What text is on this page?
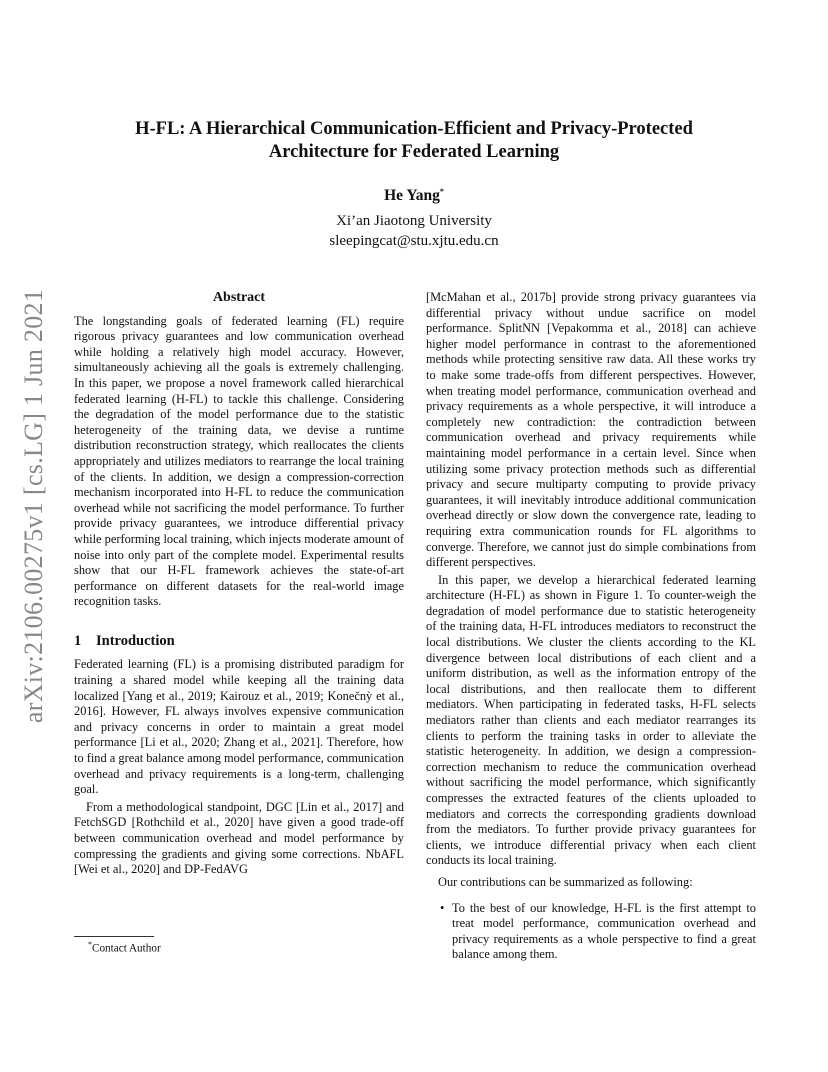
arXiv:2106.00275v1 [cs.LG] 1 Jun 2021
H-FL: A Hierarchical Communication-Efficient and Privacy-Protected
Architecture for Federated Learning
He Yang*
Xi’an Jiaotong University
sleepingcat@stu.xjtu.edu.cn
Abstract

The longstanding goals of federated learning (FL) require rigorous privacy guarantees and low communication overhead while holding a relatively high model accuracy. However, simultaneously achieving all the goals is extremely challenging. In this paper, we propose a novel framework called hierarchical federated learning (H-FL) to tackle this challenge. Considering the degradation of the model performance due to the statistic heterogeneity of the training data, we devise a runtime distribution reconstruction strategy, which reallocates the clients appropriately and utilizes mediators to rearrange the local training of the clients. In addition, we design a compression-correction mechanism incorporated into H-FL to reduce the communication overhead while not sacrificing the model performance. To further provide privacy guarantees, we introduce differential privacy while performing local training, which injects moderate amount of noise into only part of the complete model. Experimental results show that our H-FL framework achieves the state-of-art performance on different datasets for the real-world image recognition tasks.

1 Introduction

Federated learning (FL) is a promising distributed paradigm for training a shared model while keeping all the training data localized [Yang et al., 2019; Kairouz et al., 2019; Konečnỳ et al., 2016]. However, FL always involves expensive communication and privacy concerns in order to maintain a great model performance [Li et al., 2020; Zhang et al., 2021]. Therefore, how to find a great balance among model performance, communication overhead and privacy requirements is a long-term, challenging goal.

From a methodological standpoint, DGC [Lin et al., 2017] and FetchSGD [Rothchild et al., 2020] have given a good trade-off between communication overhead and model performance by compressing the gradients and giving some corrections. NbAFL [Wei et al., 2020] and DP-FedAVG

[McMahan et al., 2017b] provide strong privacy guarantees via differential privacy without undue sacrifice on model performance. SplitNN [Vepakomma et al., 2018] can achieve higher model performance in contrast to the aforementioned methods while protecting sensitive raw data. All these works try to make some trade-offs from different perspectives. However, when treating model performance, communication overhead and privacy requirements as a whole perspective, it will introduce a completely new contradiction: the contradiction between communication overhead and privacy requirements while maintaining model performance in a certain level. Since when utilizing some privacy protection methods such as differential privacy and secure multiparty computing to provide privacy guarantees, it will inevitably introduce additional communication overhead directly or slow down the convergence rate, leading to requiring extra communication rounds for FL algorithms to converge. Therefore, we cannot just do simple combinations from different perspectives.

In this paper, we develop a hierarchical federated learning architecture (H-FL) as shown in Figure 1. To counter-weigh the degradation of model performance due to statistic heterogeneity of the training data, H-FL introduces mediators to reconstruct the local distributions. We cluster the clients according to the KL divergence between local distributions of each client and a uniform distribution, as well as the information entropy of the local distributions, and then reallocate them to different mediators. When participating in federated tasks, H-FL selects mediators rather than clients and each mediator rearranges its clients to perform the training tasks in order to alleviate the statistic heterogeneity. In addition, we design a compression-correction mechanism to reduce the communication overhead without sacrificing the model performance, which significantly compresses the extracted features of the clients uploaded to mediators and corrects the corresponding gradients download from the mediators. To further provide privacy guarantees for clients, we introduce differential privacy when each client conducts its local training.

Our contributions can be summarized as following:

• To the best of our knowledge, H-FL is the first attempt to treat model performance, communication overhead and privacy requirements as a whole perspective to find a great balance among them.
*Contact Author
